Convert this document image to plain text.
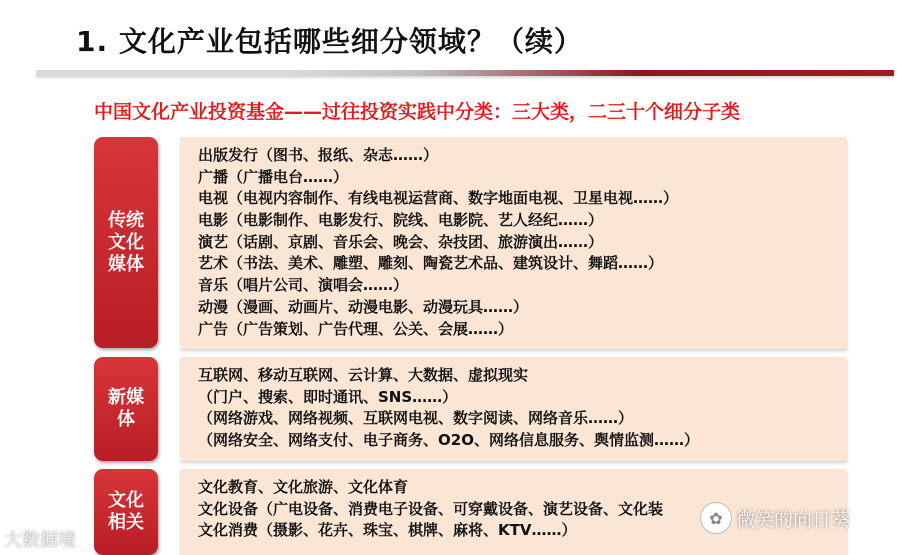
1. 文化产业包括哪些细分领域？（续）
中国文化产业投资基金——过往投资实践中分类：三大类，二三十个细分子类
传统文化媒体
出版发行（图书、报纸、杂志……）
广播（广播电台……）
电视（电视内容制作、有线电视运营商、数字地面电视、卫星电视……）
电影（电影制作、电影发行、院线、电影院、艺人经纪……）
演艺（话剧、京剧、音乐会、晚会、杂技团、旅游演出……）
艺术（书法、美术、雕塑、雕刻、陶瓷艺术品、建筑设计、舞蹈……）
音乐（唱片公司、演唱会……）
动漫（漫画、动画片、动漫电影、动漫玩具……）
广告（广告策划、广告代理、公关、会展……）
新媒体
互联网、移动互联网、云计算、大数据、虚拟现实
（门户、搜索、即时通讯、SNS……）
（网络游戏、网络视频、互联网电视、数字阅读、网络音乐……）
（网络安全、网络支付、电子商务、O2O、网络信息服务、舆情监测……）
文化相关
文化教育、文化旅游、文化体育
文化设备（广电设备、消费电子设备、可穿戴设备、演艺设备、文化装
文化消费（摄影、花卉、珠宝、棋牌、麻将、KTV……）
大数据境
✿ 微笑的向日葵
